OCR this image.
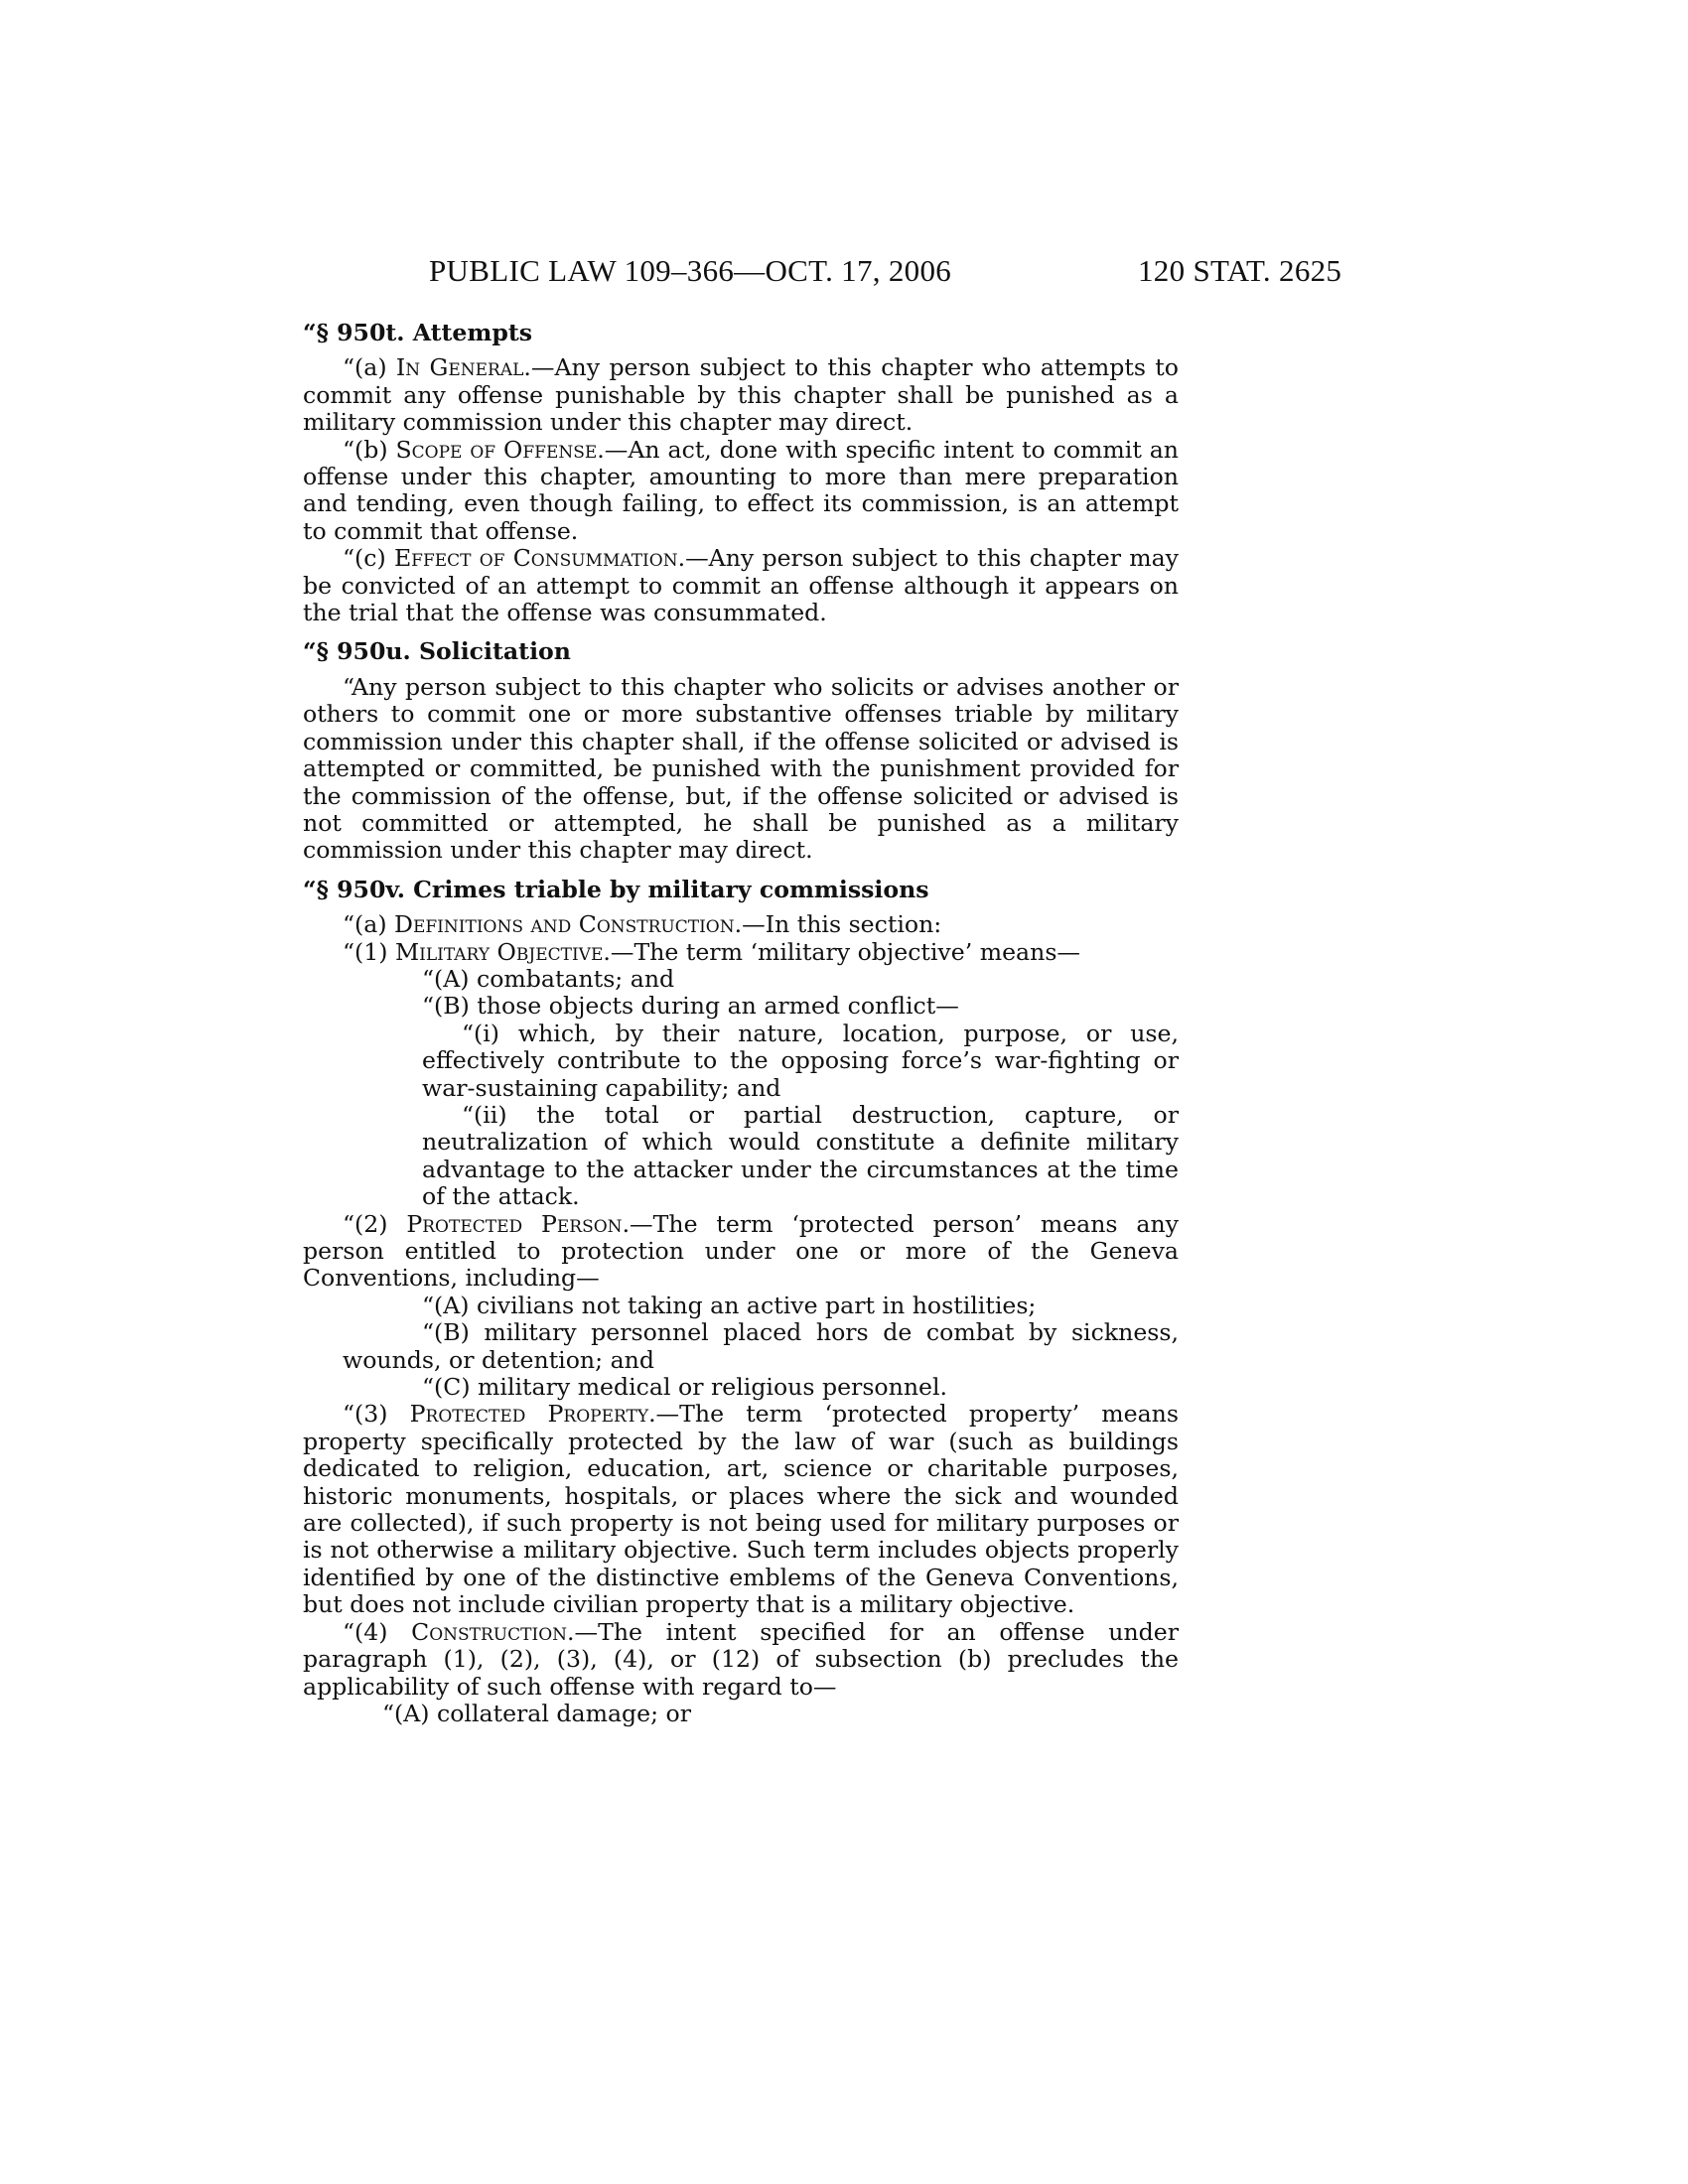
PUBLIC LAW 109–366—OCT. 17, 2006	120 STAT. 2625

“§ 950t. Attempts

“(a) In General.—Any person subject to this chapter who attempts to commit any offense punishable by this chapter shall be punished as a military commission under this chapter may direct.

“(b) Scope of Offense.—An act, done with specific intent to commit an offense under this chapter, amounting to more than mere preparation and tending, even though failing, to effect its commission, is an attempt to commit that offense.

“(c) Effect of Consummation.—Any person subject to this chapter may be convicted of an attempt to commit an offense although it appears on the trial that the offense was consummated.

“§ 950u. Solicitation

“Any person subject to this chapter who solicits or advises another or others to commit one or more substantive offenses triable by military commission under this chapter shall, if the offense solicited or advised is attempted or committed, be punished with the punishment provided for the commission of the offense, but, if the offense solicited or advised is not committed or attempted, he shall be punished as a military commission under this chapter may direct.

“§ 950v. Crimes triable by military commissions

“(a) Definitions and Construction.—In this section:

“(1) Military Objective.—The term ‘military objective’ means—

“(A) combatants; and

“(B) those objects during an armed conflict—

“(i) which, by their nature, location, purpose, or use, effectively contribute to the opposing force’s war-fighting or war-sustaining capability; and

“(ii) the total or partial destruction, capture, or neutralization of which would constitute a definite military advantage to the attacker under the circumstances at the time of the attack.

“(2) Protected Person.—The term ‘protected person’ means any person entitled to protection under one or more of the Geneva Conventions, including—

“(A) civilians not taking an active part in hostilities;

“(B) military personnel placed hors de combat by sickness, wounds, or detention; and

“(C) military medical or religious personnel.

“(3) Protected Property.—The term ‘protected property’ means property specifically protected by the law of war (such as buildings dedicated to religion, education, art, science or charitable purposes, historic monuments, hospitals, or places where the sick and wounded are collected), if such property is not being used for military purposes or is not otherwise a military objective. Such term includes objects properly identified by one of the distinctive emblems of the Geneva Conventions, but does not include civilian property that is a military objective.

“(4) Construction.—The intent specified for an offense under paragraph (1), (2), (3), (4), or (12) of subsection (b) precludes the applicability of such offense with regard to—

“(A) collateral damage; or
